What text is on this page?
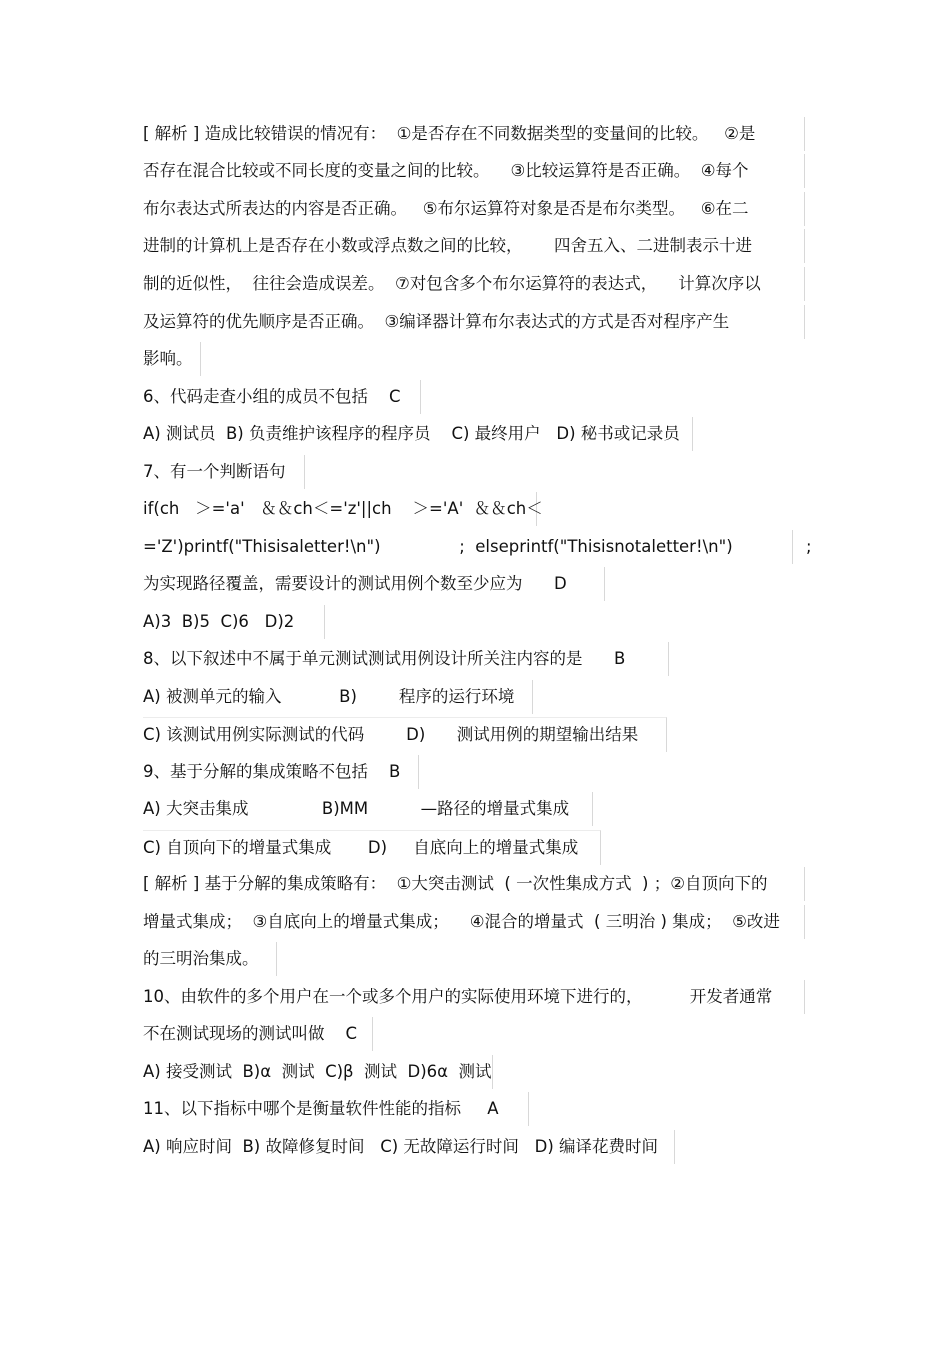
[ 解析 ] 造成比较错误的情况有：  ①是否存在不同数据类型的变量间的比较。   ②是
否存在混合比较或不同长度的变量之间的比较。    ③比较运算符是否正确。  ④每个
布尔表达式所表达的内容是否正确。   ⑤布尔运算符对象是否是布尔类型。   ⑥在二
进制的计算机上是否存在小数或浮点数之间的比较，      四舍五入、二进制表示十进
制的近似性，  往往会造成误差。  ⑦对包含多个布尔运算符的表达式，    计算次序以
及运算符的优先顺序是否正确。  ③编译器计算布尔表达式的方式是否对程序产生
影响。
6、代码走查小组的成员不包括    C
A) 测试员  B) 负责维护该程序的程序员    C) 最终用户   D) 秘书或记录员
7、有一个判断语句
if(ch   ＞='a'   ＆＆ch＜='z'||ch    ＞='A'  ＆＆ch＜
='Z')printf("Thisisaletter!\n")               ;  elseprintf("Thisisnotaletter!\n")              ;
为实现路径覆盖，需要设计的测试用例个数至少应为      D
A)3  B)5  C)6   D)2
8、以下叙述中不属于单元测试测试用例设计所关注内容的是      B
A) 被测单元的输入           B)        程序的运行环境
C) 该测试用例实际测试的代码        D)      测试用例的期望输出结果
9、基于分解的集成策略不包括    B
A) 大突击集成              B)MM          —路径的增量式集成
C) 自顶向下的增量式集成       D)     自底向上的增量式集成
[ 解析 ] 基于分解的集成策略有：  ①大突击测试  ( 一次性集成方式  ) ；②自顶向下的
增量式集成；  ③自底向上的增量式集成；    ④混合的增量式  ( 三明治 ) 集成；  ⑤改进
的三明治集成。
10、由软件的多个用户在一个或多个用户的实际使用环境下进行的，         开发者通常
不在测试现场的测试叫做    C
A) 接受测试  B)α  测试  C)β  测试  D)6α  测试
11、以下指标中哪个是衡量软件性能的指标     A
A) 响应时间  B) 故障修复时间   C) 无故障运行时间   D) 编译花费时间
